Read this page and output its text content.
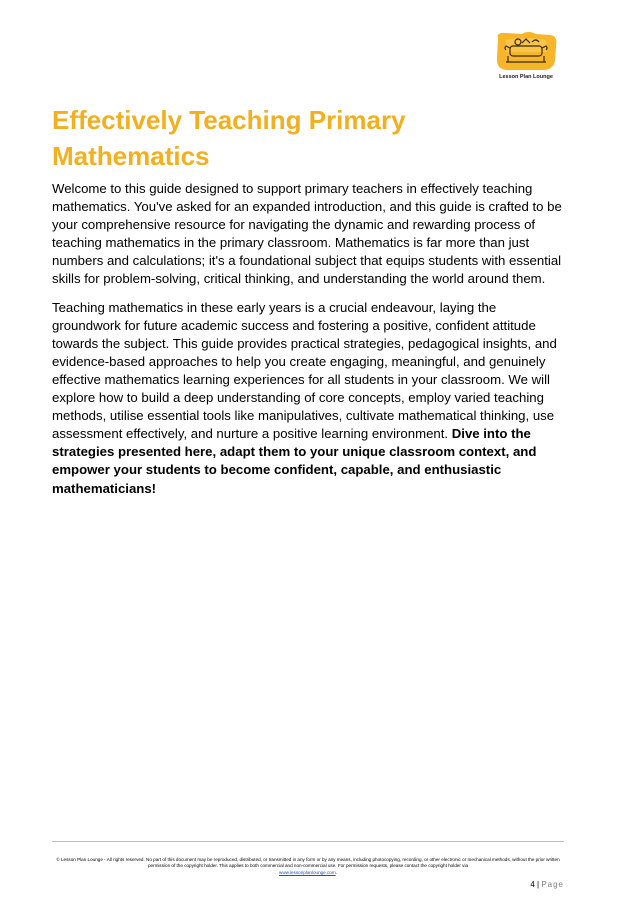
Lesson Plan Lounge
Effectively Teaching Primary Mathematics

Welcome to this guide designed to support primary teachers in effectively teaching mathematics. You've asked for an expanded introduction, and this guide is crafted to be your comprehensive resource for navigating the dynamic and rewarding process of teaching mathematics in the primary classroom. Mathematics is far more than just numbers and calculations; it's a foundational subject that equips students with essential skills for problem-solving, critical thinking, and understanding the world around them.

Teaching mathematics in these early years is a crucial endeavour, laying the groundwork for future academic success and fostering a positive, confident attitude towards the subject. This guide provides practical strategies, pedagogical insights, and evidence-based approaches to help you create engaging, meaningful, and genuinely effective mathematics learning experiences for all students in your classroom. We will explore how to build a deep understanding of core concepts, employ varied teaching methods, utilise essential tools like manipulatives, cultivate mathematical thinking, use assessment effectively, and nurture a positive learning environment. Dive into the strategies presented here, adapt them to your unique classroom context, and empower your students to become confident, capable, and enthusiastic mathematicians!

© Lesson Plan Lounge - All rights reserved. No part of this document may be reproduced, distributed, or transmitted in any form or by any means, including photocopying, recording, or other electronic or mechanical methods, without the prior written permission of the copyright holder. This applies to both commercial and non-commercial use. For permission requests, please contact the copyright holder via
www.lessonplanlounge.com.
4 | Page
